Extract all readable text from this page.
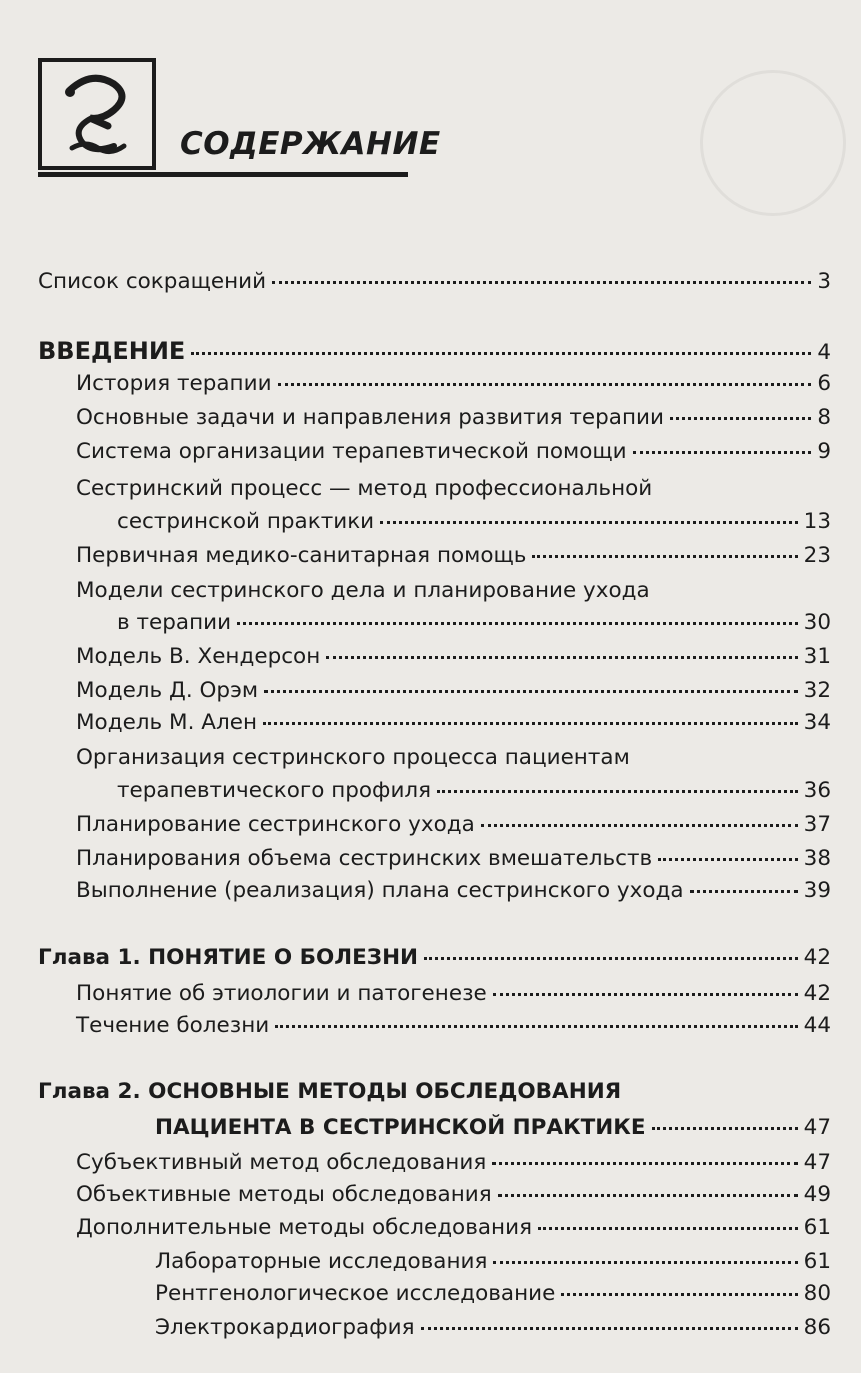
СОДЕРЖАНИЕ
Список сокращений	3
ВВЕДЕНИЕ	4
История терапии	6
Основные задачи и направления развития терапии	8
Система организации терапевтической помощи	9
Сестринский процесс — метод профессиональной
сестринской практики	13
Первичная медико-санитарная помощь	23
Модели сестринского дела и планирование ухода
в терапии	30
Модель В. Хендерсон	31
Модель Д. Орэм	32
Модель М. Ален	34
Организация сестринского процесса пациентам
терапевтического профиля	36
Планирование сестринского ухода	37
Планирования объема сестринских вмешательств	38
Выполнение (реализация) плана сестринского ухода	39
Глава 1. ПОНЯТИЕ О БОЛЕЗНИ	42
Понятие об этиологии и патогенезе	42
Течение болезни	44
Глава 2. ОСНОВНЫЕ МЕТОДЫ ОБСЛЕДОВАНИЯ
ПАЦИЕНТА В СЕСТРИНСКОЙ ПРАКТИКЕ	47
Субъективный метод обследования	47
Объективные методы обследования	49
Дополнительные методы обследования	61
Лабораторные исследования	61
Рентгенологическое исследование	80
Электрокардиография	86
